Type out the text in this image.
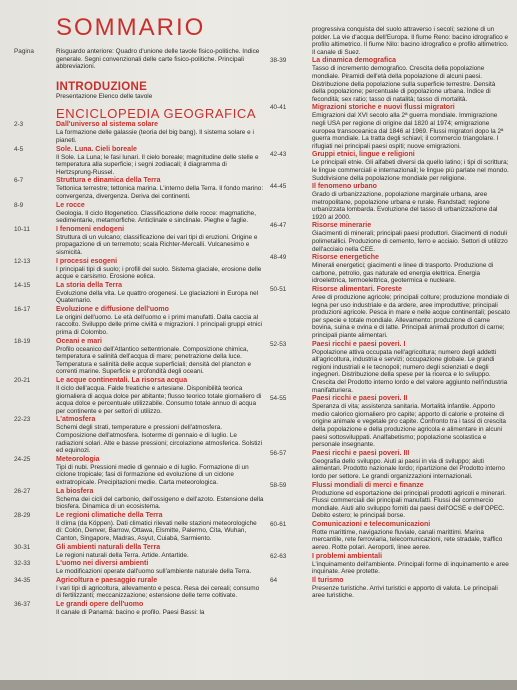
SOMMARIO
Pagina	Risguardo anteriore: Quadro d'unione delle tavole fisico-politiche. Indice generale. Segni convenzionali delle carte fisico-politiche. Principali abbreviazioni.
INTRODUZIONE
Presentazione Elenco delle tavole
ENCICLOPEDIA GEOGRAFICA
2-3	Dall'universo al sistema solare
La formazione delle galassie (teoria del big bang). Il sistema solare e i pianeti.
4-5	Sole. Luna. Cieli boreale
Il Sole. La Luna; le fasi lunari. Il cielo boreale; magnitudine delle stelle e temperatura alla superficie; i segni zodiacali; il diagramma di Hertzsprung-Russel.
6-7	Struttura e dinamica della Terra
Tettonica terrestre; tettonica marina. L'interno della Terra. Il fondo marino: convergenza, divergenza. Deriva dei continenti.
8-9	Le rocce
Geologia. Il ciclo litogenetico. Classificazione delle rocce: magmatiche, sedimentarie, metamorfiche. Anticlinale e sinclinale. Pieghe e faglie.
10-11	I fenomeni endogeni
Struttura di un vulcano; classificazione dei vari tipi di eruzioni. Origine e propagazione di un terremoto; scala Richter-Mercalli. Vulcanesimo e sismicità.
12-13	I processi esogeni
I principali tipi di suolo; i profili del suolo. Sistema glaciale, erosione delle acque e carsismo. Erosione eolica.
14-15	La storia della Terra
Evoluzione della vita. Le quattro orogenesi. Le glaciazioni in Europa nel Quaternario.
16-17	Evoluzione e diffusione dell'uomo
Le origini dell'uomo. Le età dell'uomo e i primi manufatti. Dalla caccia al raccolto. Sviluppo delle prime civiltà e migrazioni. I principali gruppi etnici prima di Colombo.
18-19	Oceani e mari
Profilo oceanico dell'Atlantico settentrionale. Composizione chimica, temperatura e salinità dell'acqua di mare; penetrazione della luce. Temperatura e salinità delle acque superficiali; densità del plancton e correnti marine. Superficie e profondità degli oceani.
20-21	Le acque continentali. La risorsa acqua
Il ciclo dell'acqua. Falde freatiche e artesiane. Disponibilità teorica giornaliera di acqua dolce per abitante; flusso teorico totale giornaliero di acqua dolce e percentuale utilizzabile. Consumo totale annuo di acqua per continente e per settori di utilizzo.
22-23	L'atmosfera
Schemi degli strati, temperature e pressioni dell'atmosfera. Composizione dell'atmosfera. Isoterme di gennaio e di luglio. Le radiazioni solari. Alte e basse pressioni; circolazione atmosferica. Solstizi ed equinozi.
24-25	Meteorologia
Tipi di nubi. Pressioni medie di gennaio e di luglio. Formazione di un ciclone tropicale; fasi di formazione ed evoluzione di un ciclone extratropicale. Precipitazioni medie. Carta meteorologica.
26-27	La biosfera
Schema dei cicli del carbonio, dell'ossigeno e dell'azoto. Estensione della biosfera. Dinamica di un ecosistema.
28-29	Le regioni climatiche della Terra
Il clima (da Köppen). Dati climatici rilevati nelle stazioni meteorologiche di: Colón, Denver, Barrow, Ottawa, Elsmitte, Palermo, Cita, Wuhan, Canton, Singapore, Madras, Asyut, Cuiabá, Sarmiento.
30-31	Gli ambienti naturali della Terra
Le regioni naturali della Terra. Artide. Antartide.
32-33	L'uomo nei diversi ambienti
Le modificazioni operate dall'uomo sull'ambiente naturale della Terra.
34-35	Agricoltura e paesaggio rurale
I vari tipi di agricoltura, allevamento e pesca. Resa dei cereali; consumo di fertilizzanti; meccanizzazione; estensione delle terre coltivate.
36-37	Le grandi opere dell'uomo
Il canale di Panamá: bacino e profilo. Paesi Bassi: la
progressiva conquista del suolo attraverso i secoli; sezione di un polder. La vie d'acqua dell'Europa. Il fiume Reno: bacino idrografico e profilo altimetrico. Il fiume Nilo: bacino idrografico e profilo altimetrico. Il canale di Suez.
38-39	La dinamica demografica
Tasso di incremento demografico. Crescita della popolazione mondiale. Piramidi dell'età della popolazione di alcuni paesi. Distribuzione della popolazione sulla superficie terrestre. Densità della popolazione; percentuale di popolazione urbana. Indice di fecondità; sex ratio; tasso di natalità; tasso di mortalità.
40-41	Migrazioni storiche e nuovi flussi migratori
Emigrazioni dal XVI secolo alla 2ª guerra mondiale. Immigrazione negli USA per regione di origine dal 1820 al 1974; emigrazione europea transoceanica dal 1846 al 1969. Flussi migratori dopo la 2ª guerra mondiale. La tratta degli schiavi; il commercio triangolare. I rifugiati nei principali paesi ospiti; nuove emigrazioni.
42-43	Gruppi etnici, lingue e religioni
Le principali etnie. Gli alfabeti diversi da quello latino; i tipi di scrittura; le lingue commerciali e internazionali; le lingue più parlate nel mondo. Suddivisione della popolazione mondiale per religione.
44-45	Il fenomeno urbano
Grado di urbanizzazione, popolazione marginale urbana, aree metropolitane, popolazione urbana e rurale. Randstad; regione urbanizzata lombarda. Evoluzione del tasso di urbanizzazione dal 1920 al 2000.
46-47	Risorse minerarie
Giacimenti di minerali; principali paesi produttori. Giacimenti di noduli polimetallici. Produzione di cemento, ferro e acciaio. Settori di utilizzo dell'acciaio nella CEE.
48-49	Risorse energetiche
Minerali energetici; giacimenti e linee di trasporto. Produzione di carbone, petrolio, gas naturale ed energia elettrica. Energia idroelettrica, termoelettrica, geotermica e nucleare.
50-51	Risorse alimentari. Foreste
Aree di produzione agricole; principali colture; produzione mondiale di legna per uso industriale e da ardere, aree improduttive; principali produzioni agricole. Pesca in mare e nelle acque continentali; pescato per specie e totale mondiale. Allevamento: produzione di carne bovina, suina e ovina e di latte. Principali animali produttori di carne; principali piante alimentari.
52-53	Paesi ricchi e paesi poveri. I
Popolazione attiva occupata nell'agricoltura; numero degli addetti all'agricoltura, industria e servizi; occupazione globale. Le grandi regioni industriali e le tecnopoli; numero degli scienziati e degli ingegneri. Distribuzione della spese per la ricerca e lo sviluppo. Crescita del Prodotto interno lordo e del valore aggiunto nell'industria manifatturiera.
54-55	Paesi ricchi e paesi poveri. II
Speranza di vita; assistenza sanitaria. Mortalità infantile. Apporto medio calorico giornaliero pro capite; apporto di calorie e proteine di origine animale e vegetale pro capite. Confronto tra i tassi di crescita della popolazione e della produzione agricola e alimentare in alcuni paesi sottosviluppati. Analfabetismo; popolazione scolastica e personale insegnante.
56-57	Paesi ricchi e paesi poveri. III
Geografia dello sviluppo. Aiuti ai paesi in via di sviluppo; aiuti alimentari. Prodotto nazionale lordo; ripartizione del Prodotto interno lordo per settore. Le grandi organizzazioni internazionali.
58-59	Flussi mondiali di merci e finanze
Produzione ed esportazione dei principali prodotti agricoli e minerari. Flussi commerciali dei principali manufatti. Flussi del commercio mondiale. Aiuti allo sviluppo forniti dai paesi dell'OCSE e dell'OPEC. Debito estero; le principali borse.
60-61	Comunicazioni e telecomunicazioni
Rotte marittime, navigazione fluviale, canali marittimi. Marina mercantile, rete ferroviaria, telecomunicazioni, rete stradale, traffico aereo. Rotte polari. Aeroporti, linee aeree.
62-63	I problemi ambientali
L'inquinamento dell'ambiente. Principali forme di inquinamento e aree inquinate. Aree protette.
64	Il turismo
Presenze turistiche. Arrivi turistici e apporto di valuta. Le principali aree turistiche.
